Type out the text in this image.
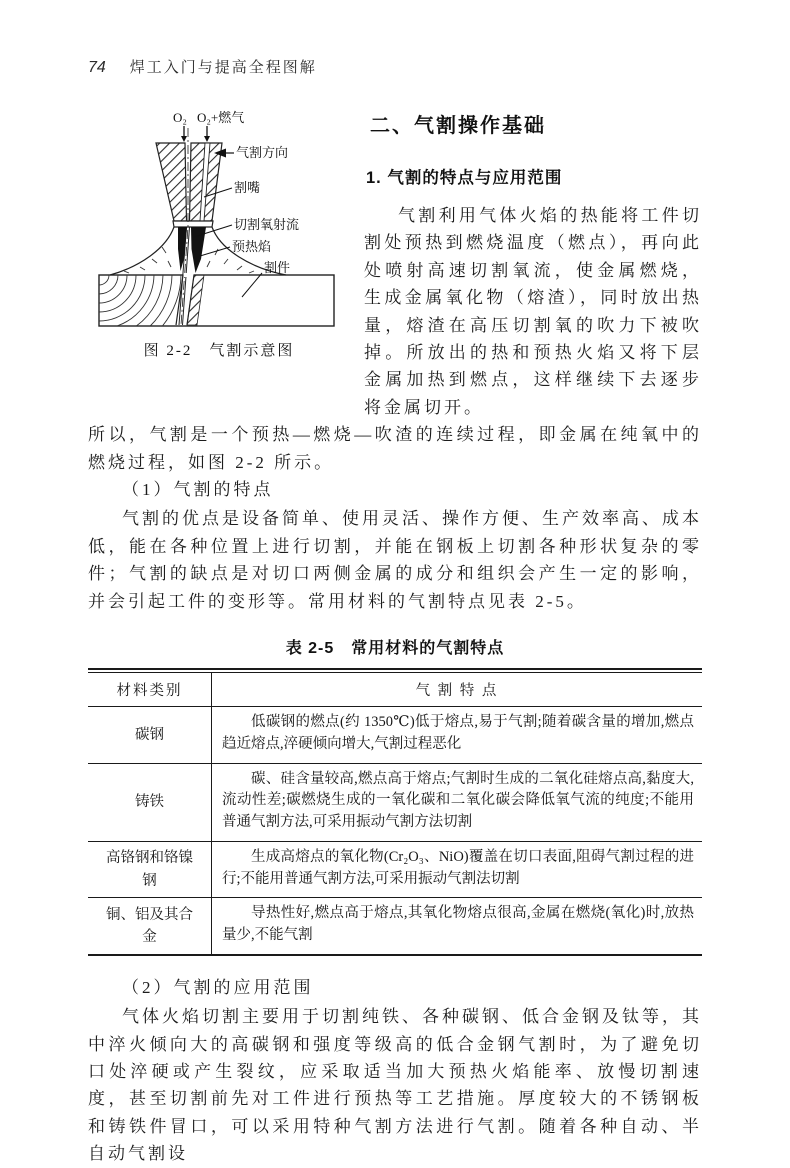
74 焊工入门与提高全程图解
O₂ O₂+燃气
气割方向
割嘴
切割氧射流
预热焰
割件
图 2-2　气割示意图
二、气割操作基础
1. 气割的特点与应用范围

气割利用气体火焰的热能将工件切割处预热到燃烧温度（燃点），再向此处喷射高速切割氧流，使金属燃烧，生成金属氧化物（熔渣），同时放出热量，熔渣在高压切割氧的吹力下被吹掉。所放出的热和预热火焰又将下层金属加热到燃点，这样继续下去逐步将金属切开。

所以，气割是一个预热—燃烧—吹渣的连续过程，即金属在纯氧中的燃烧过程，如图 2-2 所示。

（1）气割的特点

气割的优点是设备简单、使用灵活、操作方便、生产效率高、成本低，能在各种位置上进行切割，并能在钢板上切割各种形状复杂的零件；气割的缺点是对切口两侧金属的成分和组织会产生一定的影响，并会引起工件的变形等。常用材料的气割特点见表 2-5。

表 2-5　常用材料的气割特点
材料类别	气 割 特 点
碳钢	低碳钢的燃点(约 1350℃)低于熔点,易于气割;随着碳含量的增加,燃点趋近熔点,淬硬倾向增大,气割过程恶化
铸铁	碳、硅含量较高,燃点高于熔点;气割时生成的二氧化硅熔点高,黏度大,流动性差;碳燃烧生成的一氧化碳和二氧化碳会降低氧气流的纯度;不能用普通气割方法,可采用振动气割方法切割
高铬钢和铬镍钢	生成高熔点的氧化物(Cr₂O₃、NiO)覆盖在切口表面,阻碍气割过程的进行;不能用普通气割方法,可采用振动气割法切割
铜、铝及其合金	导热性好,燃点高于熔点,其氧化物熔点很高,金属在燃烧(氧化)时,放热量少,不能气割

（2）气割的应用范围

气体火焰切割主要用于切割纯铁、各种碳钢、低合金钢及钛等，其中淬火倾向大的高碳钢和强度等级高的低合金钢气割时，为了避免切口处淬硬或产生裂纹，应采取适当加大预热火焰能率、放慢切割速度，甚至切割前先对工件进行预热等工艺措施。厚度较大的不锈钢板和铸铁件冒口，可以采用特种气割方法进行气割。随着各种自动、半自动气割设
